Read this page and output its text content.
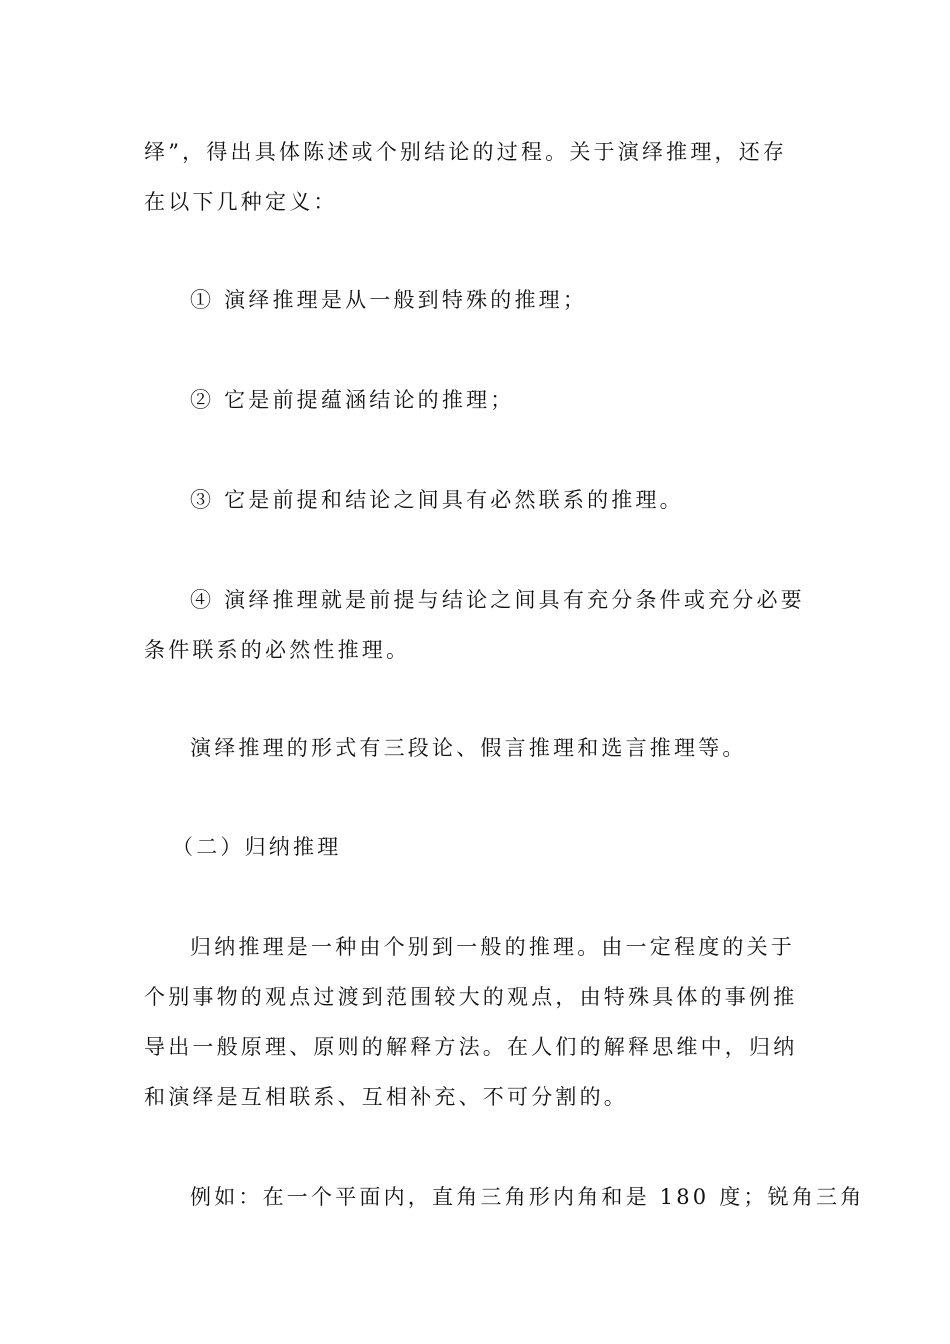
绎”，得出具体陈述或个别结论的过程。关于演绎推理，还存在以下几种定义：

① 演绎推理是从一般到特殊的推理；

② 它是前提蕴涵结论的推理；

③ 它是前提和结论之间具有必然联系的推理。

④ 演绎推理就是前提与结论之间具有充分条件或充分必要条件联系的必然性推理。

演绎推理的形式有三段论、假言推理和选言推理等。

（二）归纳推理

归纳推理是一种由个别到一般的推理。由一定程度的关于个别事物的观点过渡到范围较大的观点，由特殊具体的事例推导出一般原理、原则的解释方法。在人们的解释思维中，归纳和演绎是互相联系、互相补充、不可分割的。

例如：在一个平面内，直角三角形内角和是 180 度；锐角三角
